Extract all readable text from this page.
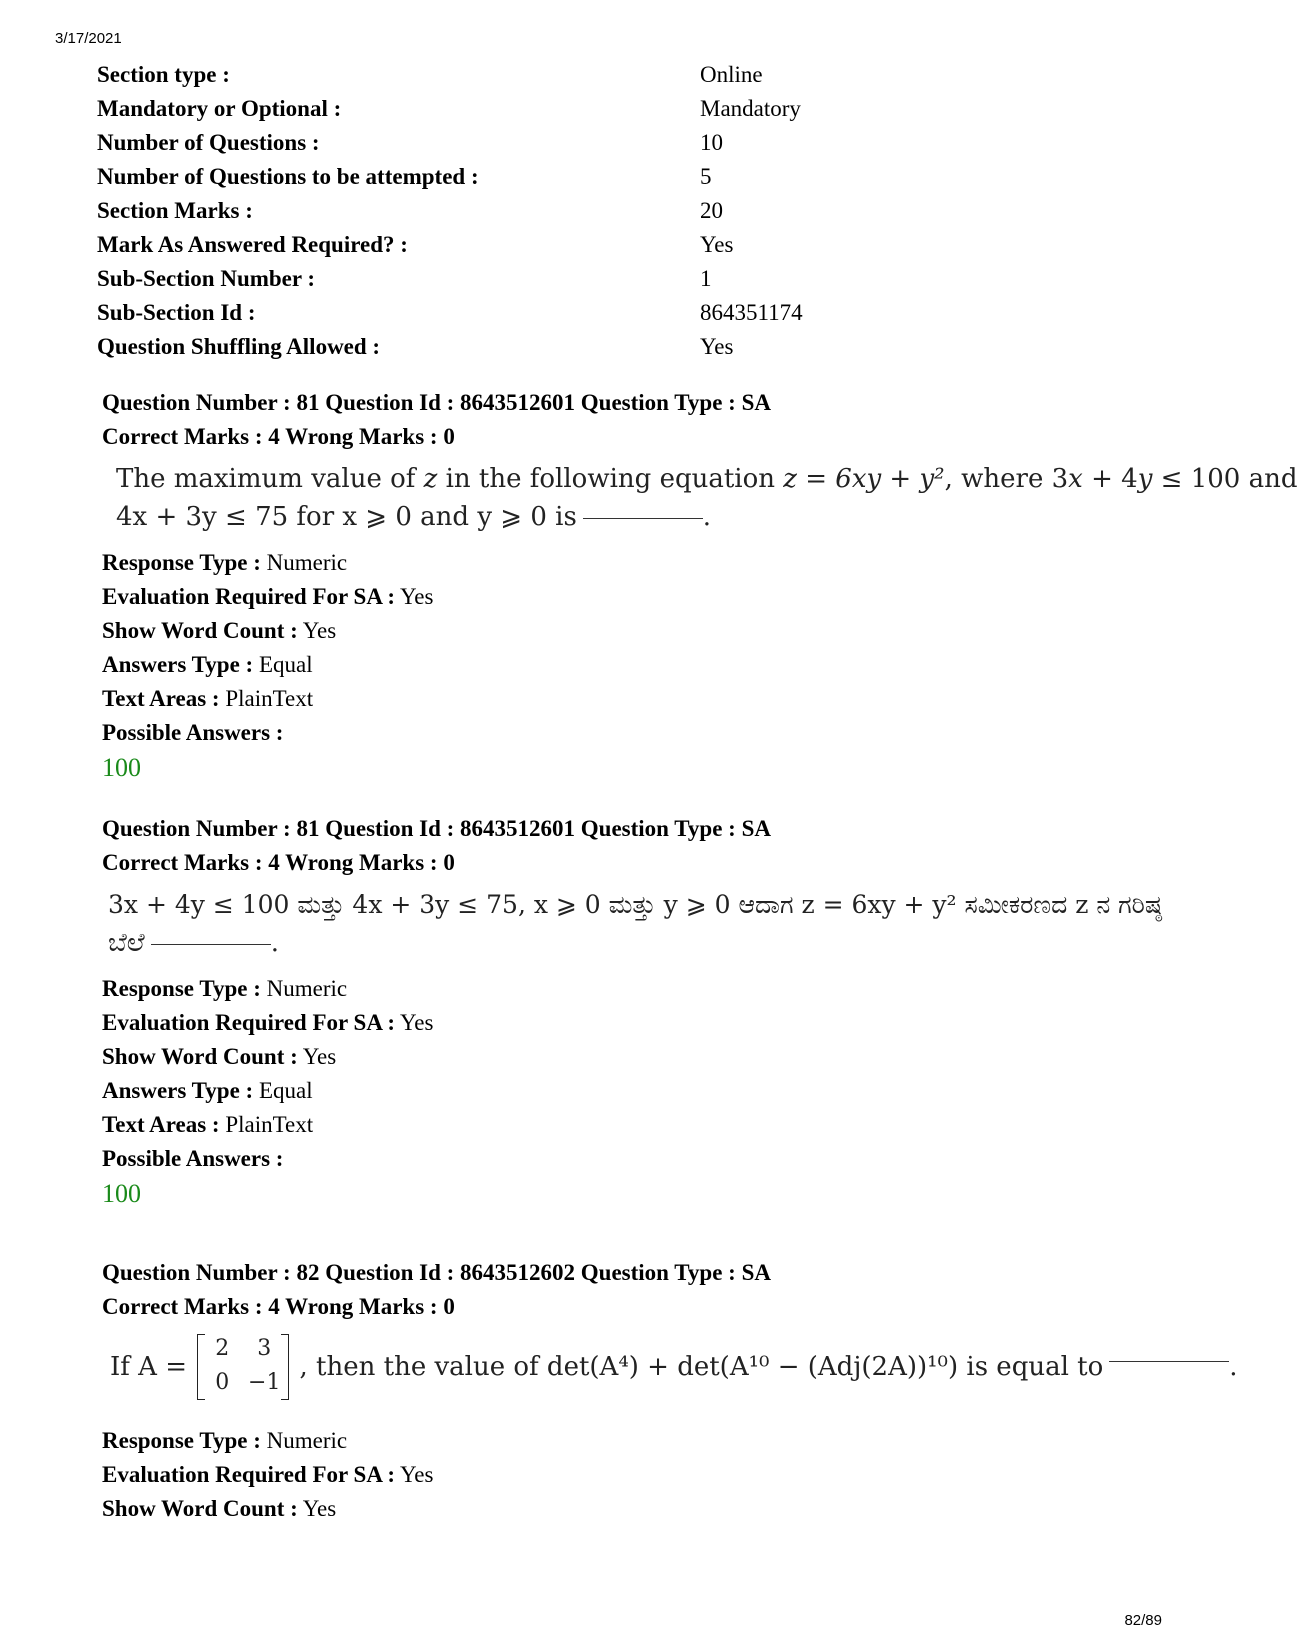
3/17/2021
Section type :	Online
Mandatory or Optional :	Mandatory
Number of Questions :	10
Number of Questions to be attempted :	5
Section Marks :	20
Mark As Answered Required? :	Yes
Sub-Section Number :	1
Sub-Section Id :	864351174
Question Shuffling Allowed :	Yes
Question Number : 81 Question Id : 8643512601 Question Type : SA
Correct Marks : 4 Wrong Marks : 0
The maximum value of z in the following equation z = 6xy + y², where 3x + 4y ≤ 100 and
4x + 3y ≤ 75 for x ⩾ 0 and y ⩾ 0 is	.
Response Type : Numeric
Evaluation Required For SA : Yes
Show Word Count : Yes
Answers Type : Equal
Text Areas : PlainText
Possible Answers :
100
Question Number : 81 Question Id : 8643512601 Question Type : SA
Correct Marks : 4 Wrong Marks : 0
3x + 4y ≤ 100 ಮತ್ತು 4x + 3y ≤ 75, x ⩾ 0 ಮತ್ತು y ⩾ 0 ಆದಾಗ z = 6xy + y² ಸಮೀಕರಣದ z ನ ಗರಿಷ್ಠ
ಬೆಲೆ	.
Response Type : Numeric
Evaluation Required For SA : Yes
Show Word Count : Yes
Answers Type : Equal
Text Areas : PlainText
Possible Answers :
100
Question Number : 82 Question Id : 8643512602 Question Type : SA
Correct Marks : 4 Wrong Marks : 0
If A =
2	3
0 −1
, then the value of det(A⁴) + det(A¹⁰ − (Adj(2A))¹⁰) is equal to	.
Response Type : Numeric
Evaluation Required For SA : Yes
Show Word Count : Yes
82/89
